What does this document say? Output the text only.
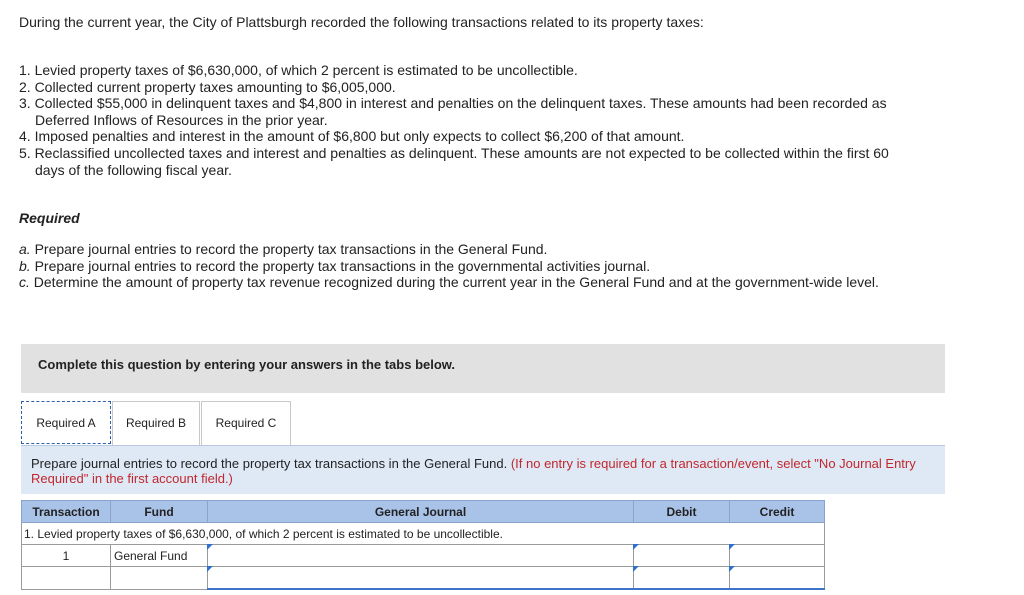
During the current year, the City of Plattsburgh recorded the following transactions related to its property taxes:
1. Levied property taxes of $6,630,000, of which 2 percent is estimated to be uncollectible.
2. Collected current property taxes amounting to $6,005,000.
3. Collected $55,000 in delinquent taxes and $4,800 in interest and penalties on the delinquent taxes. These amounts had been recorded as Deferred Inflows of Resources in the prior year.
4. Imposed penalties and interest in the amount of $6,800 but only expects to collect $6,200 of that amount.
5. Reclassified uncollected taxes and interest and penalties as delinquent. These amounts are not expected to be collected within the first 60 days of the following fiscal year.
Required
a. Prepare journal entries to record the property tax transactions in the General Fund.
b. Prepare journal entries to record the property tax transactions in the governmental activities journal.
c. Determine the amount of property tax revenue recognized during the current year in the General Fund and at the government-wide level.
Complete this question by entering your answers in the tabs below.
Required A	Required B	Required C
Prepare journal entries to record the property tax transactions in the General Fund. (If no entry is required for a transaction/event, select "No Journal Entry Required" in the first account field.)
Transaction	Fund	General Journal	Debit	Credit
1. Levied property taxes of $6,630,000, of which 2 percent is estimated to be uncollectible.				
1	General Fund	
